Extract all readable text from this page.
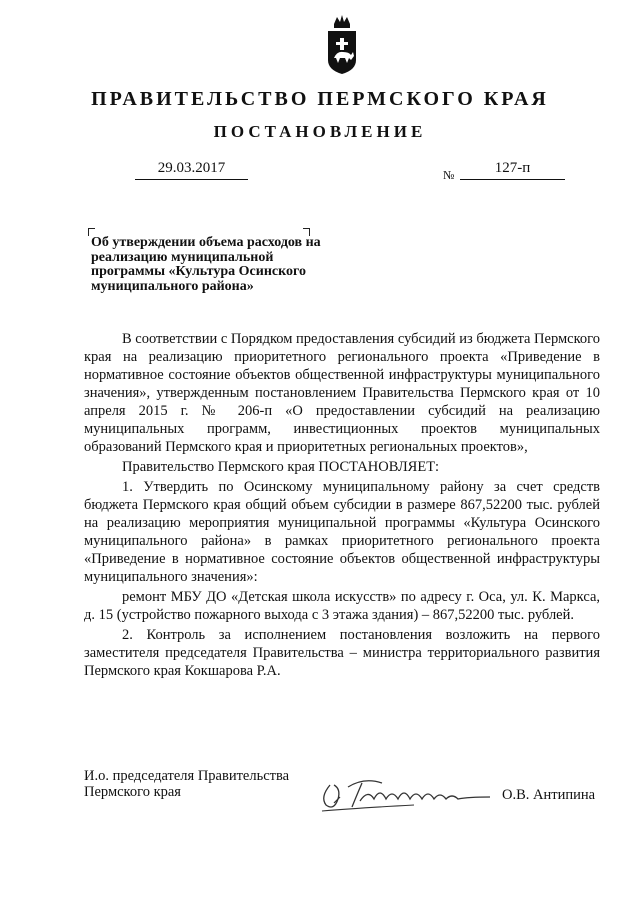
ПРАВИТЕЛЬСТВО ПЕРМСКОГО КРАЯ
ПОСТАНОВЛЕНИЕ
29.03.2017	№	127-п
Об утверждении объема расходов на реализацию муниципальной программы «Культура Осинского муниципального района»

В соответствии с Порядком предоставления субсидий из бюджета Пермского края на реализацию приоритетного регионального проекта «Приведение в нормативное состояние объектов общественной инфраструктуры муниципального значения», утвержденным постановлением Правительства Пермского края от 10 апреля 2015 г. № 206-п «О предоставлении субсидий на реализацию муниципальных программ, инвестиционных проектов муниципальных образований Пермского края и приоритетных региональных проектов»,

Правительство Пермского края ПОСТАНОВЛЯЕТ:

1. Утвердить по Осинскому муниципальному району за счет средств бюджета Пермского края общий объем субсидии в размере 867,52200 тыс. рублей на реализацию мероприятия муниципальной программы «Культура Осинского муниципального района» в рамках приоритетного регионального проекта «Приведение в нормативное состояние объектов общественной инфраструктуры муниципального значения»:

ремонт МБУ ДО «Детская школа искусств» по адресу г. Оса, ул. К. Маркса, д. 15 (устройство пожарного выхода с 3 этажа здания) – 867,52200 тыс. рублей.

2. Контроль за исполнением постановления возложить на первого заместителя председателя Правительства – министра территориального развития Пермского края Кокшарова Р.А.

И.о. председателя Правительства
Пермского края	О.В. Антипина
